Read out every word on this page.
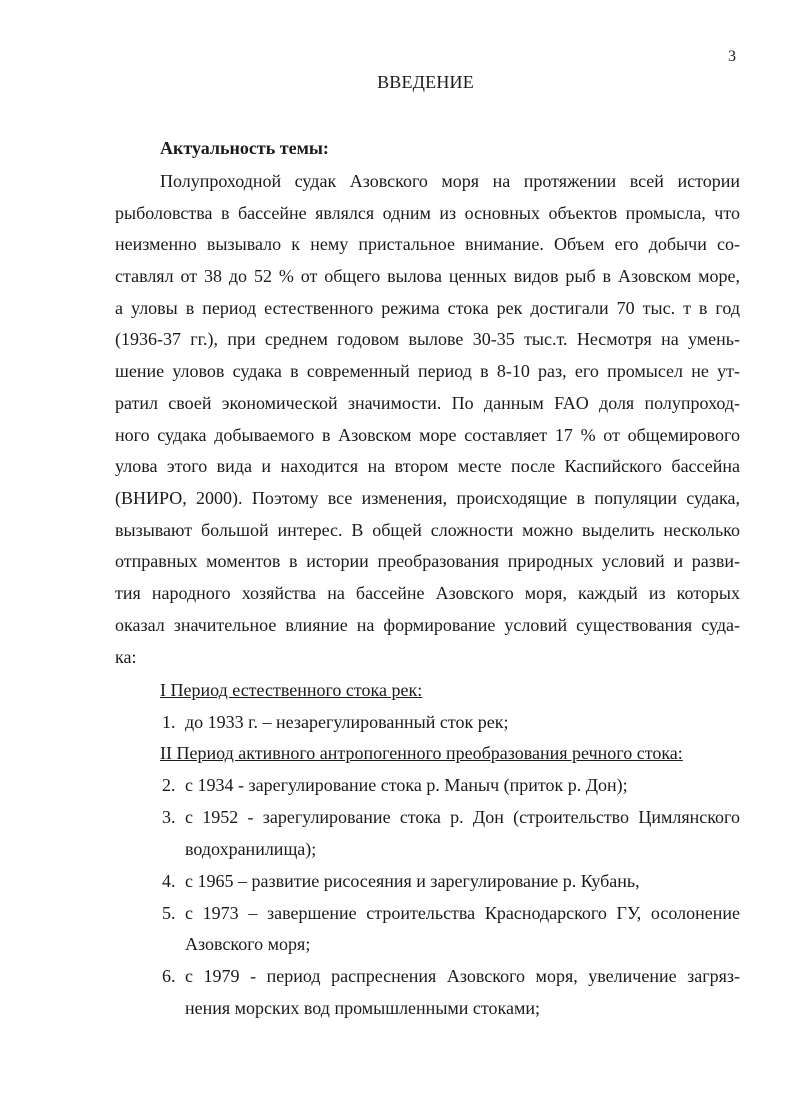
3
ВВЕДЕНИЕ
Актуальность темы:
Полупроходной судак Азовского моря на протяжении всей истории
рыболовства в бассейне являлся одним из основных объектов промысла, что
неизменно вызывало к нему пристальное внимание. Объем его добычи со-
ставлял от 38 до 52 % от общего вылова ценных видов рыб в Азовском море,
а уловы в период естественного режима стока рек достигали 70 тыс. т в год
(1936-37 гг.), при среднем годовом вылове 30-35 тыс.т. Несмотря на умень-
шение уловов судака в современный период в 8-10 раз, его промысел не ут-
ратил своей экономической значимости. По данным FAO доля полупроход-
ного судака добываемого в Азовском море составляет 17 % от общемирового
улова этого вида и находится на втором месте после Каспийского бассейна
(ВНИРО, 2000). Поэтому все изменения, происходящие в популяции судака,
вызывают большой интерес. В общей сложности можно выделить несколько
отправных моментов в истории преобразования природных условий и разви-
тия народного хозяйства на бассейне Азовского моря, каждый из которых
оказал значительное влияние на формирование условий существования суда-
ка:
I Период естественного стока рек:
1. до 1933 г. – незарегулированный сток рек;
II Период активного антропогенного преобразования речного стока:
2. с 1934 - зарегулирование стока р. Маныч (приток р. Дон);
3. с 1952 - зарегулирование стока р. Дон (строительство Цимлянского
водохранилища);
4. с 1965 – развитие рисосеяния и зарегулирование р. Кубань,
5. с 1973 – завершение строительства Краснодарского ГУ, осолонение
Азовского моря;
6. с 1979 - период распреснения Азовского моря, увеличение загряз-
нения морских вод промышленными стоками;
